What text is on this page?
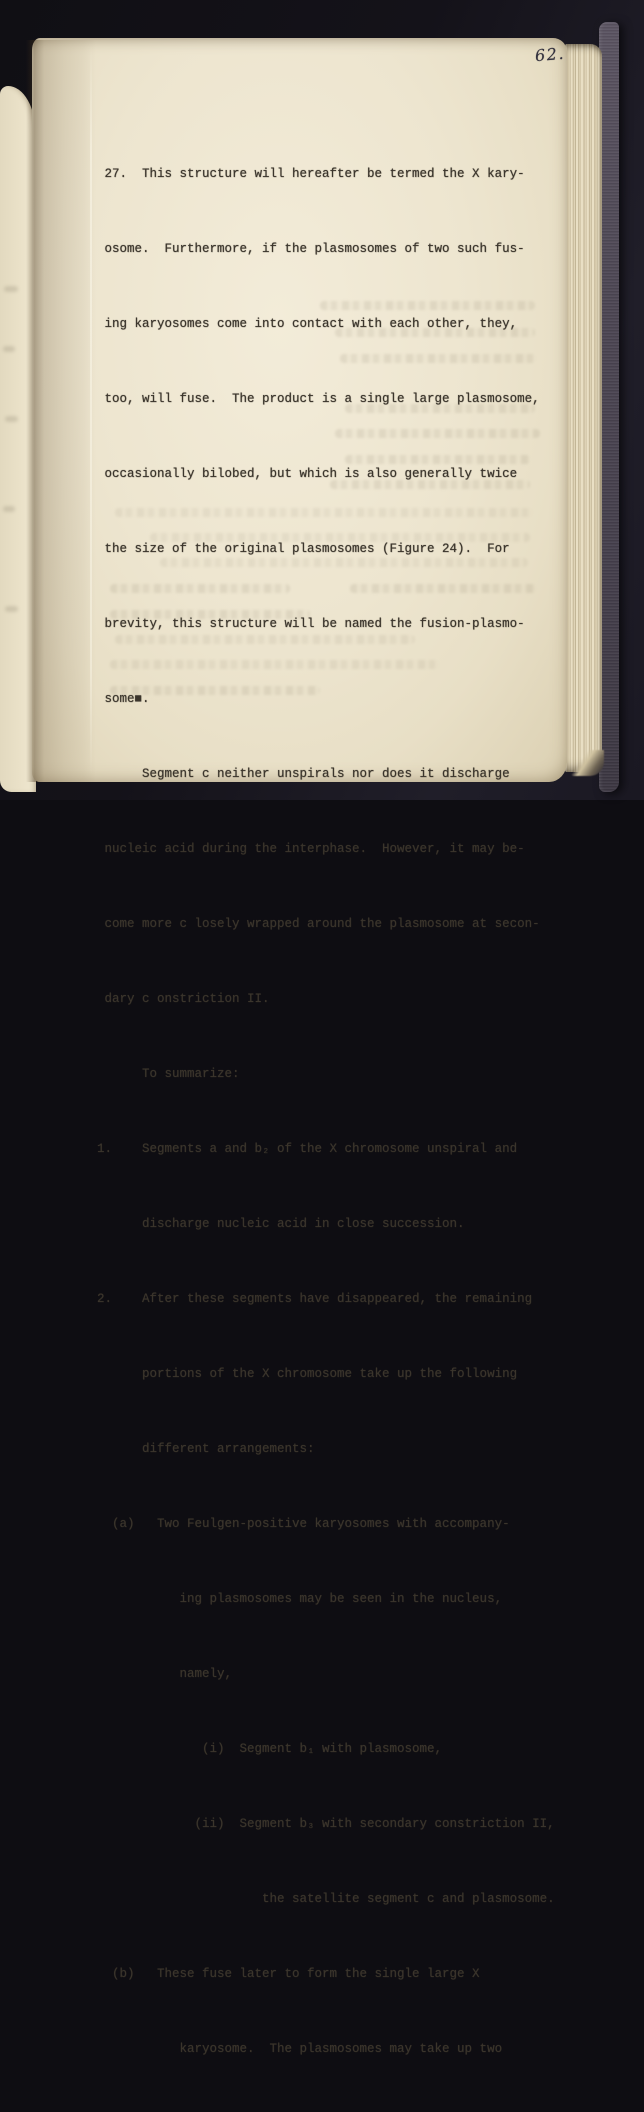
62.

27.  This structure will hereafter be termed the X kary-

osome.  Furthermore, if the plasmosomes of two such fus-

ing karyosomes come into contact with each other, they,

too, will fuse.  The product is a single large plasmosome,

occasionally bilobed, but which is also generally twice

the size of the original plasmosomes (Figure 24).  For

brevity, this structure will be named the fusion-plasmo-

some■.

Segment c neither unspirals nor does it discharge

nucleic acid during the interphase.  However, it may be-

come more c losely wrapped around the plasmosome at secon-

dary c onstriction II.

To summarize:

1.    Segments a and b₂ of the X chromosome unspiral and

discharge nucleic acid in close succession.

2.    After these segments have disappeared, the remaining

portions of the X chromosome take up the following

different arrangements:

(a)   Two Feulgen-positive karyosomes with accompany-

ing plasmosomes may be seen in the nucleus,

namely,

(i)  Segment b₁ with plasmosome,

(ii)  Segment b₃ with secondary constriction II,

the satellite segment c and plasmosome.

(b)   These fuse later to form the single large X

karyosome.  The plasmosomes may take up two
